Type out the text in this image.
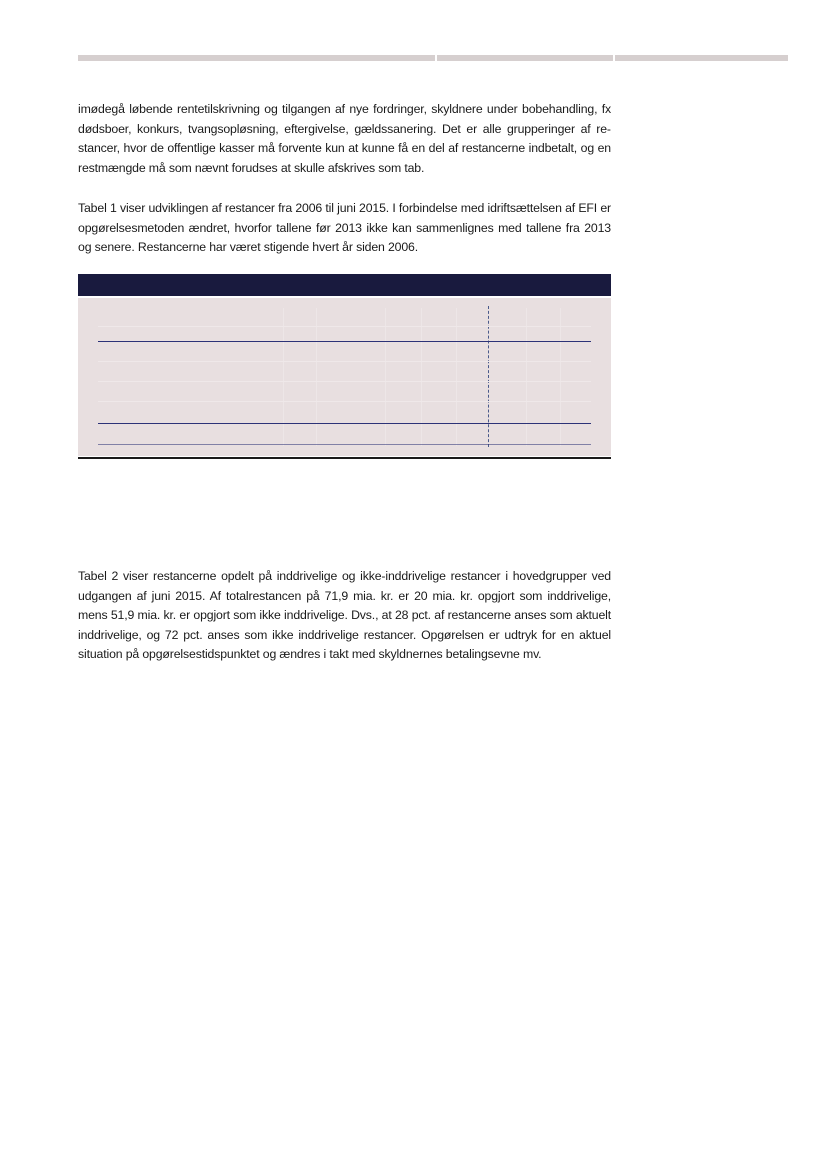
imødegå løbende rentetilskrivning og tilgangen af nye fordringer, skyldnere under bobehandling, fx dødsboer, konkurs, tvangsopløsning, eftergivelse, gældssanering. Det er alle grupperinger af restancer, hvor de offentlige kasser må forvente kun at kunne få en del af restancerne indbetalt, og en restmængde må som nævnt forudses at skulle afskrives som tab.

Tabel 1 viser udviklingen af restancer fra 2006 til juni 2015. I forbindelse med idriftsættelsen af EFI er opgørelsesmetoden ændret, hvorfor tallene før 2013 ikke kan sammenlignes med tallene fra 2013 og senere. Restancerne har været stigende hvert år siden 2006.

Tabel 2 viser restancerne opdelt på inddrivelige og ikke-inddrivelige restancer i hovedgrupper ved udgangen af juni 2015. Af totalrestancen på 71,9 mia. kr. er 20 mia. kr. opgjort som inddrivelige, mens 51,9 mia. kr. er opgjort som ikke inddrivelige. Dvs., at 28 pct. af restancerne anses som aktuelt inddrivelige, og 72 pct. anses som ikke inddrivelige restancer. Opgørelsen er udtryk for en aktuel situation på opgørelsestidspunktet og ændres i takt med skyldnernes betalingsevne mv.
